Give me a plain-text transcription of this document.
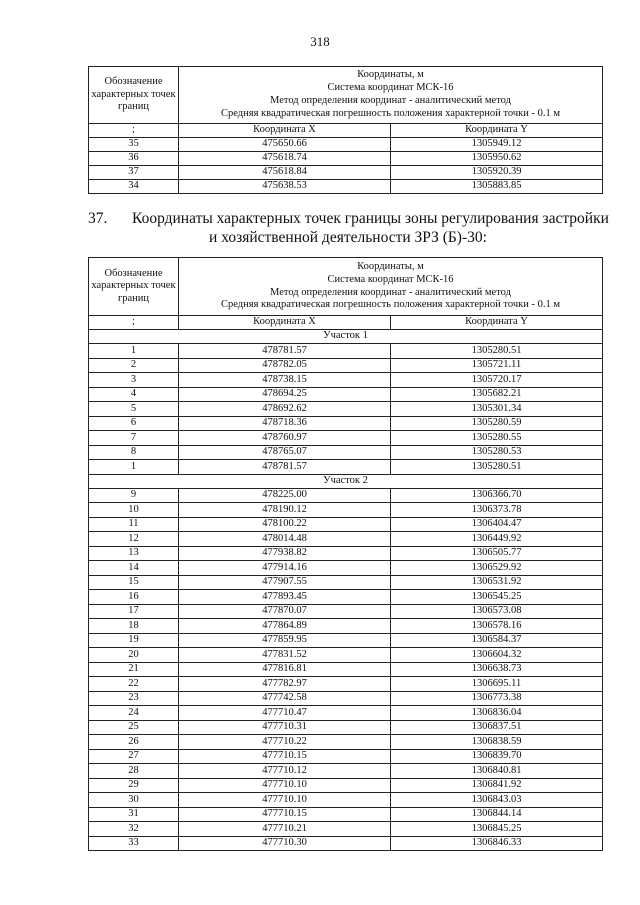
318
Обозначение характерных точек границ	Координаты, м
Система координат МСК-16
Метод определения координат - аналитический метод
Средняя квадратическая погрешность положения характерной точки - 0.1 м	

;	Координата X	Координата Y
35	475650.66	1305949.12
36	475618.74	1305950.62
37	475618.84	1305920.39
34	475638.53	1305883.85
37. Координаты характерных точек границы зоны регулирования застройки
и хозяйственной деятельности ЗРЗ (Б)-30:
Обозначение характерных точек границ	Координаты, м
Система координат МСК-16
Метод определения координат - аналитический метод
Средняя квадратическая погрешность положения характерной точки - 0.1 м	

;	Координата X	Координата Y
Участок 1		
1	478781.57	1305280.51
2	478782.05	1305721.11
3	478738.15	1305720.17
4	478694.25	1305682.21
5	478692.62	1305301.34
6	478718.36	1305280.59
7	478760.97	1305280.55
8	478765.07	1305280.53
1	478781.57	1305280.51
Участок 2		
9	478225.00	1306366.70
10	478190.12	1306373.78
11	478100.22	1306404.47
12	478014.48	1306449.92
13	477938.82	1306505.77
14	477914.16	1306529.92
15	477907.55	1306531.92
16	477893.45	1306545.25
17	477870.07	1306573.08
18	477864.89	1306578.16
19	477859.95	1306584.37
20	477831.52	1306604.32
21	477816.81	1306638.73
22	477782.97	1306695.11
23	477742.58	1306773.38
24	477710.47	1306836.04
25	477710.31	1306837.51
26	477710.22	1306838.59
27	477710.15	1306839.70
28	477710.12	1306840.81
29	477710.10	1306841.92
30	477710.10	1306843.03
31	477710.15	1306844.14
32	477710.21	1306845.25
33	477710.30	1306846.33
